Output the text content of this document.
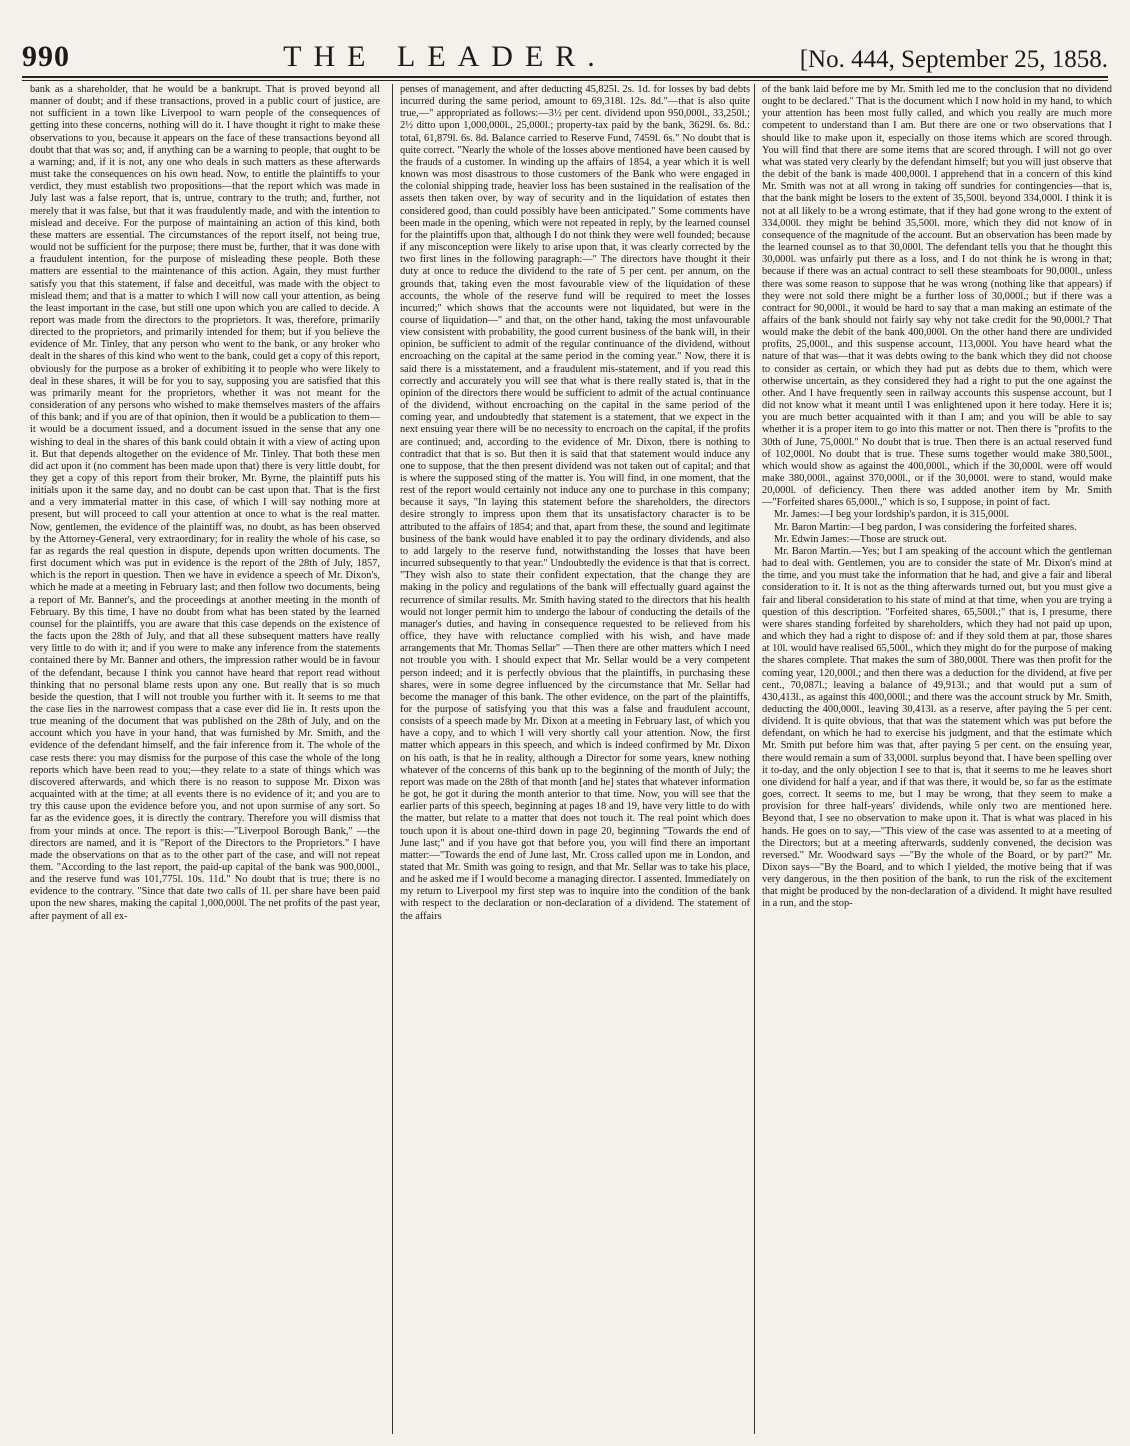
990	THE LEADER.	[No. 444, September 25, 1858.

bank as a shareholder, that he would be a bankrupt. That is proved beyond all manner of doubt; and if these transactions, proved in a public court of justice, are not sufficient in a town like Liverpool to warn people of the consequences of getting into these concerns, nothing will do it. I have thought it right to make these observations to you, because it appears on the face of these transactions beyond all doubt that that was so; and, if anything can be a warning to people, that ought to be a warning; and, if it is not, any one who deals in such matters as these afterwards must take the consequences on his own head. Now, to entitle the plaintiffs to your verdict, they must establish two propositions—that the report which was made in July last was a false report, that is, untrue, contrary to the truth; and, further, not merely that it was false, but that it was fraudulently made, and with the intention to mislead and deceive. For the purpose of maintaining an action of this kind, both these matters are essential. The circumstances of the report itself, not being true, would not be sufficient for the purpose; there must be, further, that it was done with a fraudulent intention, for the purpose of misleading these people. Both these matters are essential to the maintenance of this action. Again, they must further satisfy you that this statement, if false and deceitful, was made with the object to mislead them; and that is a matter to which I will now call your attention, as being the least important in the case, but still one upon which you are called to decide. A report was made from the directors to the proprietors. It was, therefore, primarily directed to the proprietors, and primarily intended for them; but if you believe the evidence of Mr. Tinley, that any person who went to the bank, or any broker who dealt in the shares of this kind who went to the bank, could get a copy of this report, obviously for the purpose as a broker of exhibiting it to people who were likely to deal in these shares, it will be for you to say, supposing you are satisfied that this was primarily meant for the proprietors, whether it was not meant for the consideration of any persons who wished to make themselves masters of the affairs of this bank; and if you are of that opinion, then it would be a publication to them—it would be a document issued, and a document issued in the sense that any one wishing to deal in the shares of this bank could obtain it with a view of acting upon it. But that depends altogether on the evidence of Mr. Tinley. That both these men did act upon it (no comment has been made upon that) there is very little doubt, for they get a copy of this report from their broker, Mr. Byrne, the plaintiff puts his initials upon it the same day, and no doubt can be cast upon that. That is the first and a very immaterial matter in this case, of which I will say nothing more at present, but will proceed to call your attention at once to what is the real matter. Now, gentlemen, the evidence of the plaintiff was, no doubt, as has been observed by the Attorney-General, very extraordinary; for in reality the whole of his case, so far as regards the real question in dispute, depends upon written documents. The first document which was put in evidence is the report of the 28th of July, 1857, which is the report in question. Then we have in evidence a speech of Mr. Dixon's, which he made at a meeting in February last; and then follow two documents, being a report of Mr. Banner's, and the proceedings at another meeting in the month of February. By this time, I have no doubt from what has been stated by the learned counsel for the plaintiffs, you are aware that this case depends on the existence of the facts upon the 28th of July, and that all these subsequent matters have really very little to do with it; and if you were to make any inference from the statements contained there by Mr. Banner and others, the impression rather would be in favour of the defendant, because I think you cannot have heard that report read without thinking that no personal blame rests upon any one. But really that is so much beside the question, that I will not trouble you further with it. It seems to me that the case lies in the narrowest compass that a case ever did lie in. It rests upon the true meaning of the document that was published on the 28th of July, and on the account which you have in your hand, that was furnished by Mr. Smith, and the evidence of the defendant himself, and the fair inference from it. The whole of the case rests there: you may dismiss for the purpose of this case the whole of the long reports which have been read to you;—they relate to a state of things which was discovered afterwards, and which there is no reason to suppose Mr. Dixon was acquainted with at the time; at all events there is no evidence of it; and you are to try this cause upon the evidence before you, and not upon surmise of any sort. So far as the evidence goes, it is directly the contrary. Therefore you will dismiss that from your minds at once. The report is this:—"Liverpool Borough Bank," —the directors are named, and it is "Report of the Directors to the Proprietors." I have made the observations on that as to the other part of the case, and will not repeat them. "According to the last report, the paid-up capital of the bank was 900,000l., and the reserve fund was 101,775l. 10s. 11d." No doubt that is true; there is no evidence to the contrary. "Since that date two calls of 1l. per share have been paid upon the new shares, making the capital 1,000,000l. The net profits of the past year, after payment of all ex-

penses of management, and after deducting 45,825l. 2s. 1d. for losses by bad debts incurred during the same period, amount to 69,318l. 12s. 8d."—that is also quite true,—" appropriated as follows:—3½ per cent. dividend upon 950,000l., 33,250l.; 2½ ditto upon 1,000,000l., 25,000l.; property-tax paid by the bank, 3629l. 6s. 8d.: total, 61,879l. 6s. 8d. Balance carried to Reserve Fund, 7459l. 6s." No doubt that is quite correct. "Nearly the whole of the losses above mentioned have been caused by the frauds of a customer. In winding up the affairs of 1854, a year which it is well known was most disastrous to those customers of the Bank who were engaged in the colonial shipping trade, heavier loss has been sustained in the realisation of the assets then taken over, by way of security and in the liquidation of estates then considered good, than could possibly have been anticipated." Some comments have been made in the opening, which were not repeated in reply, by the learned counsel for the plaintiffs upon that, although I do not think they were well founded; because if any misconception were likely to arise upon that, it was clearly corrected by the two first lines in the following paragraph:—" The directors have thought it their duty at once to reduce the dividend to the rate of 5 per cent. per annum, on the grounds that, taking even the most favourable view of the liquidation of these accounts, the whole of the reserve fund will be required to meet the losses incurred;" which shows that the accounts were not liquidated, but were in the course of liquidation—" and that, on the other hand, taking the most unfavourable view consistent with probability, the good current business of the bank will, in their opinion, be sufficient to admit of the regular continuance of the dividend, without encroaching on the capital at the same period in the coming year." Now, there it is said there is a misstatement, and a fraudulent mis-statement, and if you read this correctly and accurately you will see that what is there really stated is, that in the opinion of the directors there would be sufficient to admit of the actual continuance of the dividend, without encroaching on the capital in the same period of the coming year, and undoubtedly that statement is a statement, that we expect in the next ensuing year there will be no necessity to encroach on the capital, if the profits are continued; and, according to the evidence of Mr. Dixon, there is nothing to contradict that that is so. But then it is said that that statement would induce any one to suppose, that the then present dividend was not taken out of capital; and that is where the supposed sting of the matter is. You will find, in one moment, that the rest of the report would certainly not induce any one to purchase in this company; because it says, "In laying this statement before the shareholders, the directors desire strongly to impress upon them that its unsatisfactory character is to be attributed to the affairs of 1854; and that, apart from these, the sound and legitimate business of the bank would have enabled it to pay the ordinary dividends, and also to add largely to the reserve fund, notwithstanding the losses that have been incurred subsequently to that year." Undoubtedly the evidence is that that is correct. "They wish also to state their confident expectation, that the change they are making in the policy and regulations of the bank will effectually guard against the recurrence of similar results. Mr. Smith having stated to the directors that his health would not longer permit him to undergo the labour of conducting the details of the manager's duties, and having in consequence requested to be relieved from his office, they have with reluctance complied with his wish, and have made arrangements that Mr. Thomas Sellar" —Then there are other matters which I need not trouble you with. I should expect that Mr. Sellar would be a very competent person indeed; and it is perfectly obvious that the plaintiffs, in purchasing these shares, were in some degree influenced by the circumstance that Mr. Sellar had become the manager of this bank. The other evidence, on the part of the plaintiffs, for the purpose of satisfying you that this was a false and fraudulent account, consists of a speech made by Mr. Dixon at a meeting in February last, of which you have a copy, and to which I will very shortly call your attention. Now, the first matter which appears in this speech, and which is indeed confirmed by Mr. Dixon on his oath, is that he in reality, although a Director for some years, knew nothing whatever of the concerns of this bank up to the beginning of the month of July; the report was made on the 28th of that month [and he] states that whatever information he got, he got it during the month anterior to that time. Now, you will see that the earlier parts of this speech, beginning at pages 18 and 19, have very little to do with the matter, but relate to a matter that does not touch it. The real point which does touch upon it is about one-third down in page 20, beginning "Towards the end of June last;" and if you have got that before you, you will find there an important matter:—"Towards the end of June last, Mr. Cross called upon me in London, and stated that Mr. Smith was going to resign, and that Mr. Sellar was to take his place, and he asked me if I would become a managing director. I assented. Immediately on my return to Liverpool my first step was to inquire into the condition of the bank with respect to the declaration or non-declaration of a dividend. The statement of the affairs

of the bank laid before me by Mr. Smith led me to the conclusion that no dividend ought to be declared." That is the document which I now hold in my hand, to which your attention has been most fully called, and which you really are much more competent to understand than I am. But there are one or two observations that I should like to make upon it, especially on those items which are scored through. You will find that there are some items that are scored through. I will not go over what was stated very clearly by the defendant himself; but you will just observe that the debit of the bank is made 400,000l. I apprehend that in a concern of this kind Mr. Smith was not at all wrong in taking off sundries for contingencies—that is, that the bank might be losers to the extent of 35,500l. beyond 334,000l. I think it is not at all likely to be a wrong estimate, that if they had gone wrong to the extent of 334,000l. they might be behind 35,500l. more, which they did not know of in consequence of the magnitude of the account. But an observation has been made by the learned counsel as to that 30,000l. The defendant tells you that he thought this 30,000l. was unfairly put there as a loss, and I do not think he is wrong in that; because if there was an actual contract to sell these steamboats for 90,000l., unless there was some reason to suppose that he was wrong (nothing like that appears) if they were not sold there might be a further loss of 30,000l.; but if there was a contract for 90,000l., it would be hard to say that a man making an estimate of the affairs of the bank should not fairly say why not take credit for the 90,000l.? That would make the debit of the bank 400,000l. On the other hand there are undivided profits, 25,000l., and this suspense account, 113,000l. You have heard what the nature of that was—that it was debts owing to the bank which they did not choose to consider as certain, or which they had put as debts due to them, which were otherwise uncertain, as they considered they had a right to put the one against the other. And I have frequently seen in railway accounts this suspense account, but I did not know what it meant until I was enlightened upon it here today. Here it is; you are much better acquainted with it than I am; and you will be able to say whether it is a proper item to go into this matter or not. Then there is "profits to the 30th of June, 75,000l." No doubt that is true. Then there is an actual reserved fund of 102,000l. No doubt that is true. These sums together would make 380,500l., which would show as against the 400,000l., which if the 30,000l. were off would make 380,000l., against 370,000l., or if the 30,000l. were to stand, would make 20,000l. of deficiency. Then there was added another item by Mr. Smith—"Forfeited shares 65,000l.," which is so, I suppose, in point of fact.

Mr. James:—I beg your lordship's pardon, it is 315,000l.

Mr. Baron Martin:—I beg pardon, I was considering the forfeited shares.

Mr. Edwin James:—Those are struck out.

Mr. Baron Martin.—Yes; but I am speaking of the account which the gentleman had to deal with. Gentlemen, you are to consider the state of Mr. Dixon's mind at the time, and you must take the information that he had, and give a fair and liberal consideration to it. It is not as the thing afterwards turned out, but you must give a fair and liberal consideration to his state of mind at that time, when you are trying a question of this description. "Forfeited shares, 65,500l.;" that is, I presume, there were shares standing forfeited by shareholders, which they had not paid up upon, and which they had a right to dispose of: and if they sold them at par, those shares at 10l. would have realised 65,500l., which they might do for the purpose of making the shares complete. That makes the sum of 380,000l. There was then profit for the coming year, 120,000l.; and then there was a deduction for the dividend, at five per cent., 70,087l.; leaving a balance of 49,913l.; and that would put a sum of 430,413l., as against this 400,000l.; and there was the account struck by Mr. Smith, deducting the 400,000l., leaving 30,413l. as a reserve, after paying the 5 per cent. dividend. It is quite obvious, that that was the statement which was put before the defendant, on which he had to exercise his judgment, and that the estimate which Mr. Smith put before him was that, after paying 5 per cent. on the ensuing year, there would remain a sum of 33,000l. surplus beyond that. I have been spelling over it to-day, and the only objection I see to that is, that it seems to me he leaves short one dividend for half a year, and if that was there, it would be, so far as the estimate goes, correct. It seems to me, but I may be wrong, that they seem to make a provision for three half-years' dividends, while only two are mentioned here. Beyond that, I see no observation to make upon it. That is what was placed in his hands. He goes on to say,—"This view of the case was assented to at a meeting of the Directors; but at a meeting afterwards, suddenly convened, the decision was reversed." Mr. Woodward says —"By the whole of the Board, or by part?" Mr. Dixon says—"By the Board, and to which I yielded, the motive being that if was very dangerous, in the then position of the bank, to run the risk of the excitement that might be produced by the non-declaration of a dividend. It might have resulted in a run, and the stop-
